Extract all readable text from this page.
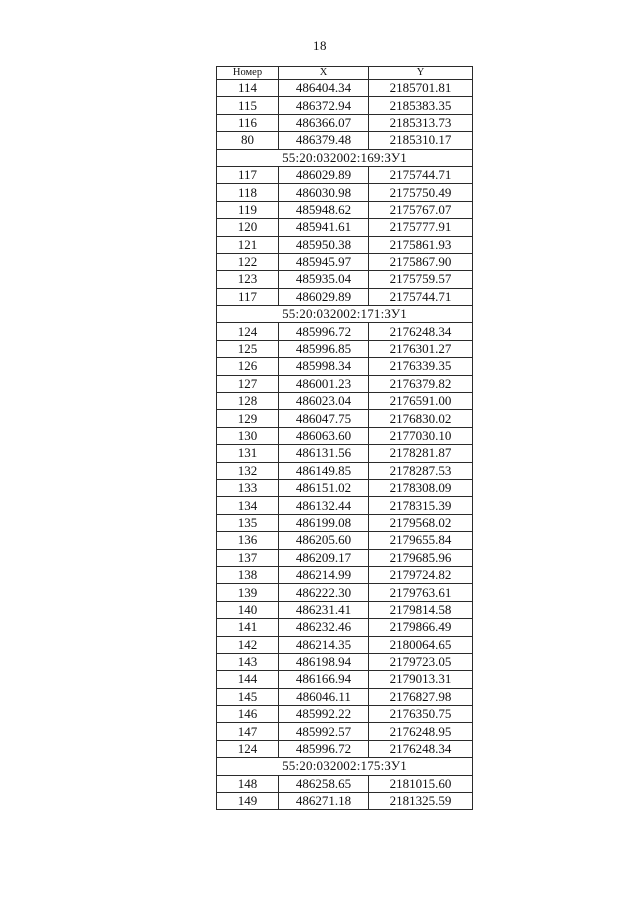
18
Номер	X	Y
114	486404.34	2185701.81
115	486372.94	2185383.35
116	486366.07	2185313.73
80	486379.48	2185310.17
55:20:032002:169:ЗУ1		
117	486029.89	2175744.71
118	486030.98	2175750.49
119	485948.62	2175767.07
120	485941.61	2175777.91
121	485950.38	2175861.93
122	485945.97	2175867.90
123	485935.04	2175759.57
117	486029.89	2175744.71
55:20:032002:171:ЗУ1		
124	485996.72	2176248.34
125	485996.85	2176301.27
126	485998.34	2176339.35
127	486001.23	2176379.82
128	486023.04	2176591.00
129	486047.75	2176830.02
130	486063.60	2177030.10
131	486131.56	2178281.87
132	486149.85	2178287.53
133	486151.02	2178308.09
134	486132.44	2178315.39
135	486199.08	2179568.02
136	486205.60	2179655.84
137	486209.17	2179685.96
138	486214.99	2179724.82
139	486222.30	2179763.61
140	486231.41	2179814.58
141	486232.46	2179866.49
142	486214.35	2180064.65
143	486198.94	2179723.05
144	486166.94	2179013.31
145	486046.11	2176827.98
146	485992.22	2176350.75
147	485992.57	2176248.95
124	485996.72	2176248.34
55:20:032002:175:ЗУ1		
148	486258.65	2181015.60
149	486271.18	2181325.59
